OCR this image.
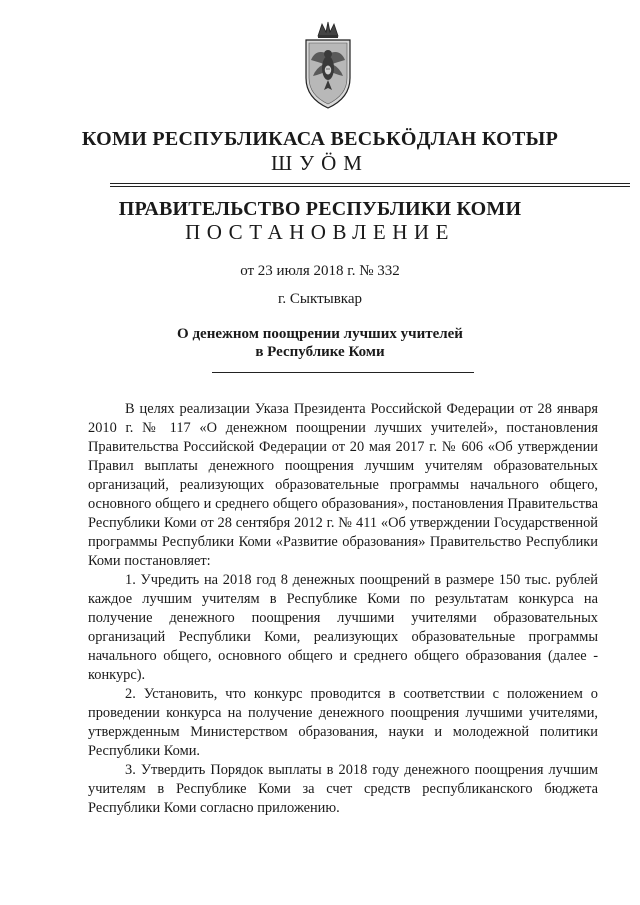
КОМИ РЕСПУБЛИКАСА ВЕСЬКÖДЛАН КОТЫР
ШУÖМ
ПРАВИТЕЛЬСТВО РЕСПУБЛИКИ КОМИ
ПОСТАНОВЛЕНИЕ
от 23 июля 2018 г. № 332
г. Сыктывкар
О денежном поощрении лучших учителей
в Республике Коми

В целях реализации Указа Президента Российской Федерации от 28 января 2010 г. № 117 «О денежном поощрении лучших учителей», постановления Правительства Российской Федерации от 20 мая 2017 г. № 606 «Об утверждении Правил выплаты денежного поощрения лучшим учителям образовательных организаций, реализующих образовательные программы начального общего, основного общего и среднего общего образования», постановления Правительства Республики Коми от 28 сентября 2012 г. № 411 «Об утверждении Государственной программы Республики Коми «Развитие образования» Правительство Республики Коми постановляет:

1. Учредить на 2018 год 8 денежных поощрений в размере 150 тыс. рублей каждое лучшим учителям в Республике Коми по результатам конкурса на получение денежного поощрения лучшими учителями образовательных организаций Республики Коми, реализующих образовательные программы начального общего, основного общего и среднего общего образования (далее - конкурс).

2. Установить, что конкурс проводится в соответствии с положением о проведении конкурса на получение денежного поощрения лучшими учителями, утвержденным Министерством образования, науки и молодежной политики Республики Коми.

3. Утвердить Порядок выплаты в 2018 году денежного поощрения лучшим учителям в Республике Коми за счет средств республиканского бюджета Республики Коми согласно приложению.
